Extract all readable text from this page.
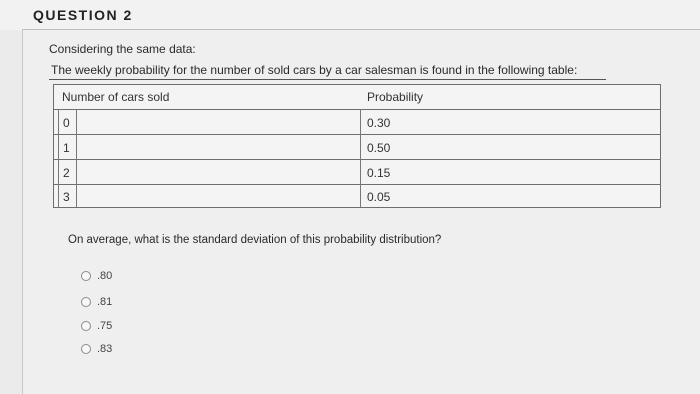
QUESTION 2
Considering the same data:
The weekly probability for the number of sold cars by a car salesman is found in the following table:
Number of cars sold	Probability
0	0.30
1	0.50
2	0.15
3	0.05
On average, what is the standard deviation of this probability distribution?
.80
.81
.75
.83
